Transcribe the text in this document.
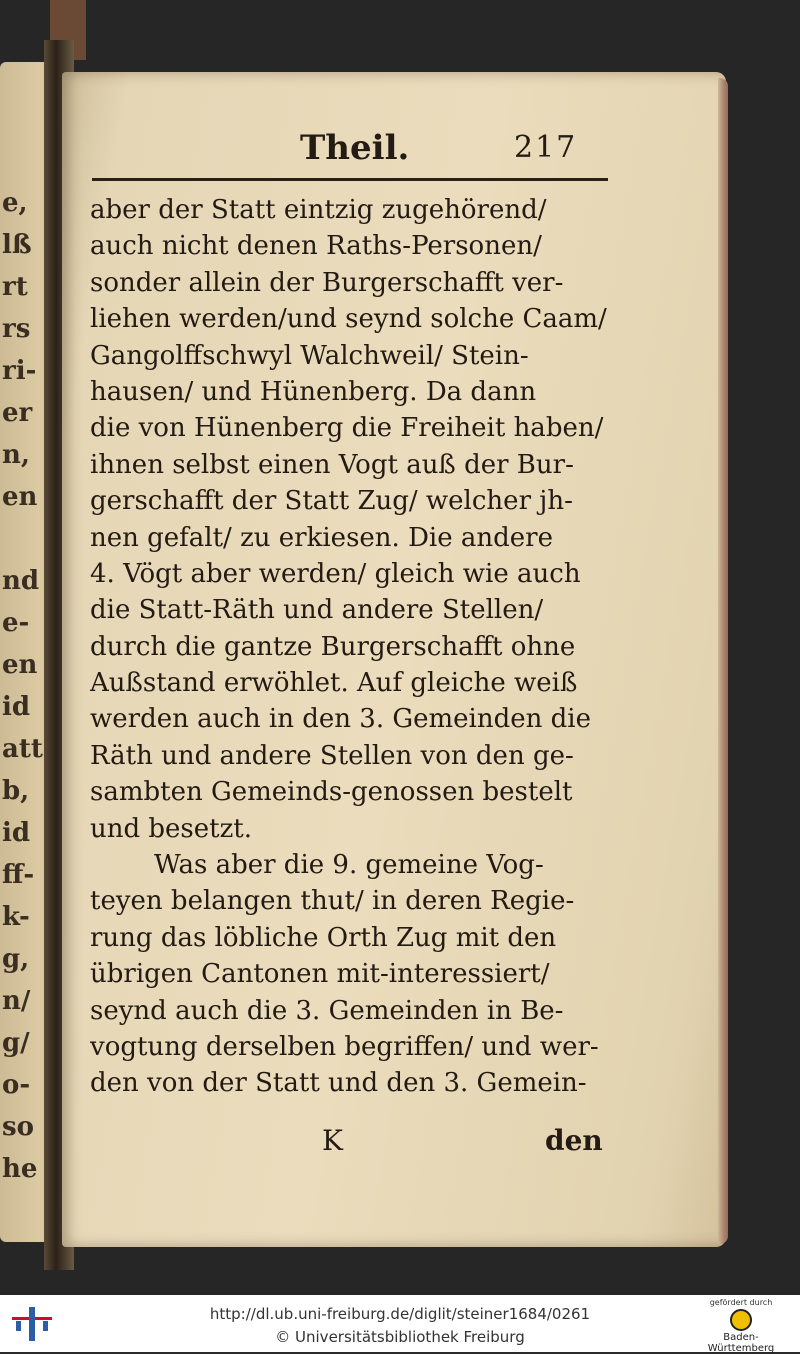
e,
lß
rt
rs
ri-
er
n,
en
nd
e-
en
id
att
b,
id
ff-
k-
g,
n/
g/
o-
so
he
Theil.	217
aber der Statt eintzig zugehörend/
auch nicht denen Raths-Personen/
sonder allein der Burgerschafft ver-
liehen werden/und seynd solche Caam/
Gangolffschwyl Walchweil/ Stein-
hausen/ und Hünenberg. Da dann
die von Hünenberg die Freiheit haben/
ihnen selbst einen Vogt auß der Bur-
gerschafft der Statt Zug/ welcher jh-
nen gefalt/ zu erkiesen. Die andere
4. Vögt aber werden/ gleich wie auch
die Statt-Räth und andere Stellen/
durch die gantze Burgerschafft ohne
Außstand erwöhlet. Auf gleiche weiß
werden auch in den 3. Gemeinden die
Räth und andere Stellen von den ge-
sambten Gemeinds-genossen bestelt
und besetzt.
Was aber die 9. gemeine Vog-
teyen belangen thut/ in deren Regie-
rung das löbliche Orth Zug mit den
übrigen Cantonen mit-interessiert/
seynd auch die 3. Gemeinden in Be-
vogtung derselben begriffen/ und wer-
den von der Statt und den 3. Gemein-
K	den
http://dl.ub.uni-freiburg.de/diglit/steiner1684/0261
© Universitätsbibliothek Freiburg
gefördert durch
Baden-Württemberg
